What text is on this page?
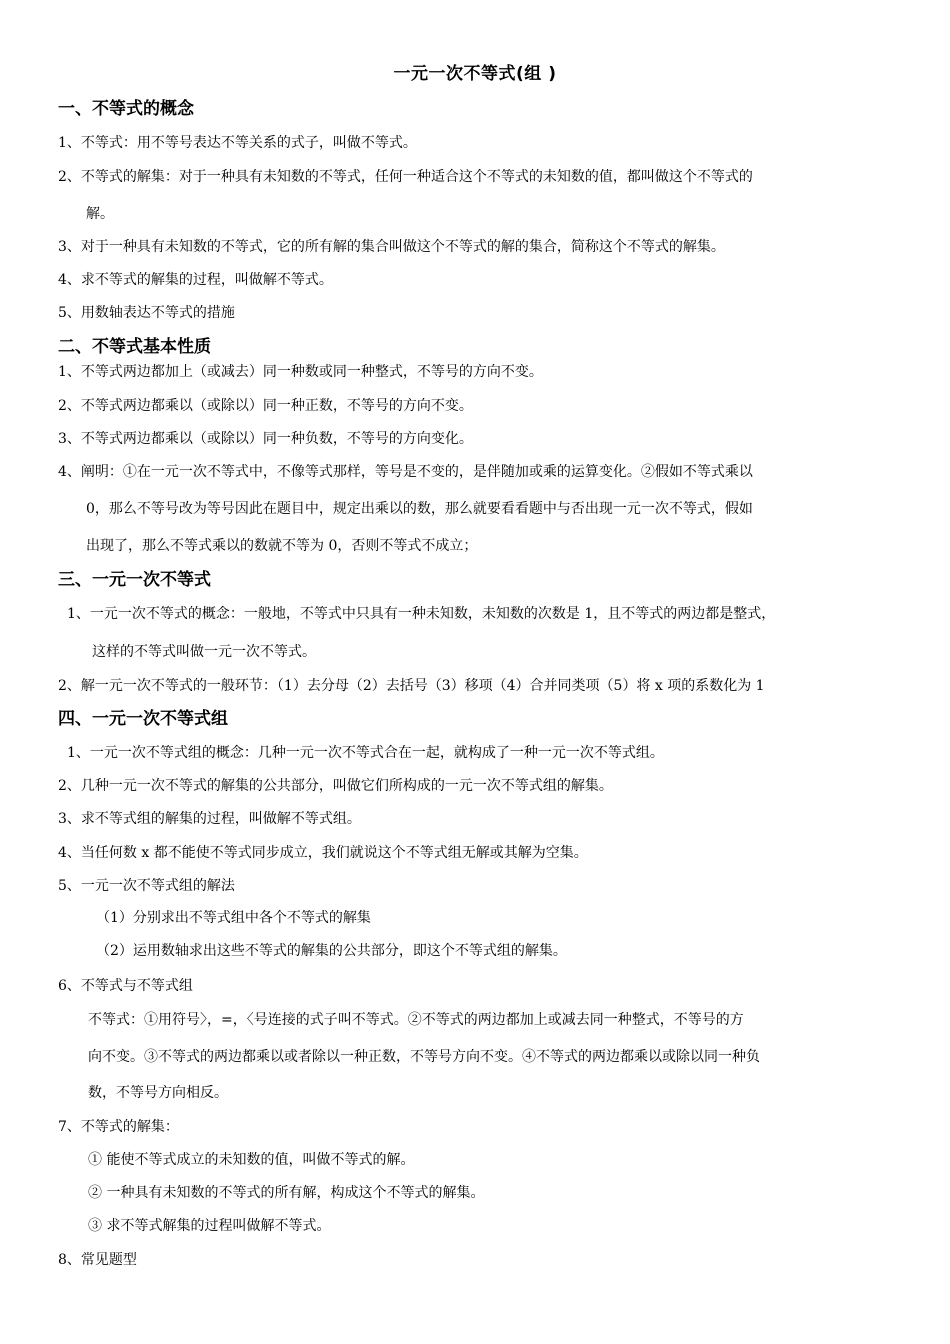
一元一次不等式(组 )
一、不等式的概念
1、不等式：用不等号表达不等关系的式子，叫做不等式。
2、不等式的解集：对于一种具有未知数的不等式，任何一种适合这个不等式的未知数的值，都叫做这个不等式的
解。
3、对于一种具有未知数的不等式，它的所有解的集合叫做这个不等式的解的集合，简称这个不等式的解集。
4、求不等式的解集的过程，叫做解不等式。
5、用数轴表达不等式的措施
二、不等式基本性质
1、不等式两边都加上（或减去）同一种数或同一种整式，不等号的方向不变。
2、不等式两边都乘以（或除以）同一种正数，不等号的方向不变。
3、不等式两边都乘以（或除以）同一种负数，不等号的方向变化。
4、阐明：①在一元一次不等式中，不像等式那样，等号是不变的，是伴随加或乘的运算变化。②假如不等式乘以
0，那么不等号改为等号因此在题目中，规定出乘以的数，那么就要看看题中与否出现一元一次不等式，假如
出现了，那么不等式乘以的数就不等为 0，否则不等式不成立；
三、一元一次不等式
1、一元一次不等式的概念：一般地，不等式中只具有一种未知数，未知数的次数是 1，且不等式的两边都是整式，
这样的不等式叫做一元一次不等式。
2、解一元一次不等式的一般环节：（1）去分母（2）去括号（3）移项（4）合并同类项（5）将 x 项的系数化为 1
四、一元一次不等式组
1、一元一次不等式组的概念：几种一元一次不等式合在一起，就构成了一种一元一次不等式组。
2、几种一元一次不等式的解集的公共部分，叫做它们所构成的一元一次不等式组的解集。
3、求不等式组的解集的过程，叫做解不等式组。
4、当任何数 x 都不能使不等式同步成立，我们就说这个不等式组无解或其解为空集。
5、一元一次不等式组的解法
（1）分别求出不等式组中各个不等式的解集
（2）运用数轴求出这些不等式的解集的公共部分，即这个不等式组的解集。
6、不等式与不等式组
不等式：①用符号〉，=，〈号连接的式子叫不等式。②不等式的两边都加上或减去同一种整式，不等号的方
向不变。③不等式的两边都乘以或者除以一种正数，不等号方向不变。④不等式的两边都乘以或除以同一种负
数，不等号方向相反。
7、不等式的解集：
① 能使不等式成立的未知数的值，叫做不等式的解。
② 一种具有未知数的不等式的所有解，构成这个不等式的解集。
③ 求不等式解集的过程叫做解不等式。
8、常见题型
